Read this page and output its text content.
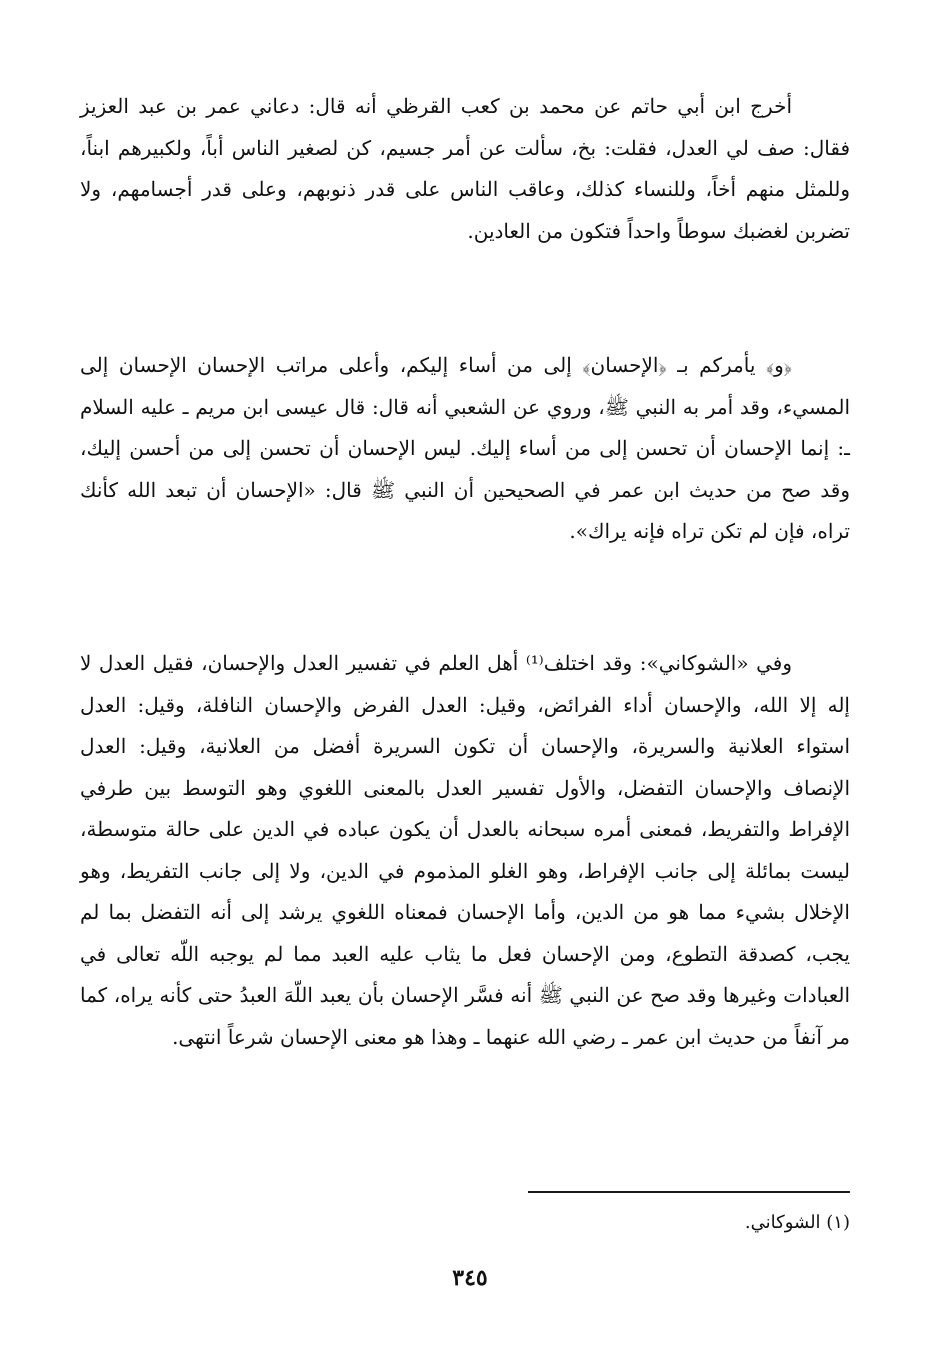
أخرج ابن أبي حاتم عن محمد بن كعب القرظي أنه قال: دعاني عمر بن عبد العزيز فقال: صف لي العدل، فقلت: بخ، سألت عن أمر جسيم، كن لصغير الناس أباً، ولكبيرهم ابناً، وللمثل منهم أخاً، وللنساء كذلك، وعاقب الناس على قدر ذنوبهم، وعلى قدر أجسامهم، ولا تضربن لغضبك سوطاً واحداً فتكون من العادين.

﴿و﴾ يأمركم بـ ﴿الإحسان﴾ إلى من أساء إليكم، وأعلى مراتب الإحسان الإحسان إلى المسيء، وقد أمر به النبي ﷺ، وروي عن الشعبي أنه قال: قال عيسى ابن مريم ـ عليه السلام ـ: إنما الإحسان أن تحسن إلى من أساء إليك. ليس الإحسان أن تحسن إلى من أحسن إليك، وقد صح من حديث ابن عمر في الصحيحين أن النبي ﷺ قال: «الإحسان أن تبعد الله كأنك تراه، فإن لم تكن تراه فإنه يراك».

وفي «الشوكاني»: وقد اختلف⁽¹⁾ أهل العلم في تفسير العدل والإحسان، فقيل العدل لا إله إلا الله، والإحسان أداء الفرائض، وقيل: العدل الفرض والإحسان النافلة، وقيل: العدل استواء العلانية والسريرة، والإحسان أن تكون السريرة أفضل من العلانية، وقيل: العدل الإنصاف والإحسان التفضل، والأول تفسير العدل بالمعنى اللغوي وهو التوسط بين طرفي الإفراط والتفريط، فمعنى أمره سبحانه بالعدل أن يكون عباده في الدين على حالة متوسطة، ليست بمائلة إلى جانب الإفراط، وهو الغلو المذموم في الدين، ولا إلى جانب التفريط، وهو الإخلال بشيء مما هو من الدين، وأما الإحسان فمعناه اللغوي يرشد إلى أنه التفضل بما لم يجب، كصدقة التطوع، ومن الإحسان فعل ما يثاب عليه العبد مما لم يوجبه اللّه تعالى في العبادات وغيرها وقد صح عن النبي ﷺ أنه فسَّر الإحسان بأن يعبد اللّهَ العبدُ حتى كأنه يراه، كما مر آنفاً من حديث ابن عمر ـ رضي الله عنهما ـ وهذا هو معنى الإحسان شرعاً انتهى.

(١) الشوكاني.
٣٤٥
